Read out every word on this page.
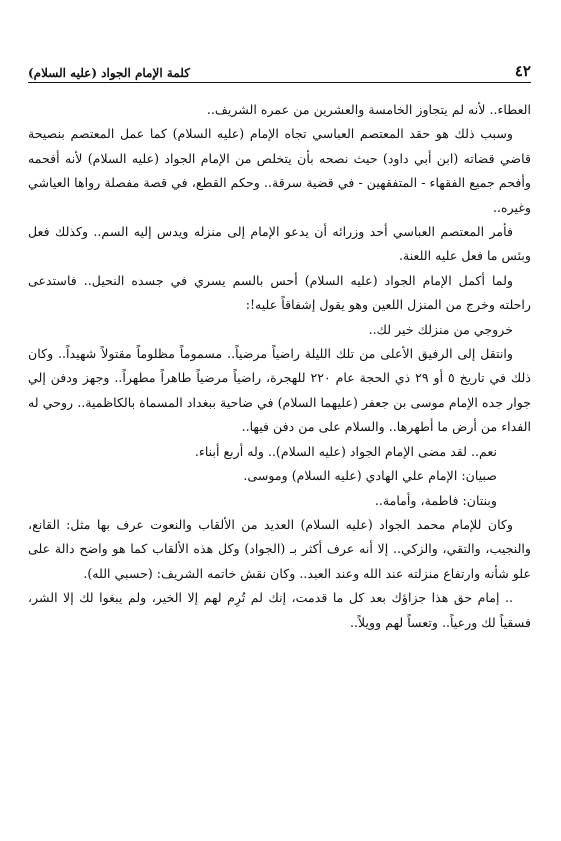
٤٢
كلمة الإمام الجواد (عليه السلام)

العطاء.. لأنه لم يتجاوز الخامسة والعشرين من عمره الشريف..

وسبب ذلك هو حقد المعتصم العباسي تجاه الإمام (عليه السلام) كما عمل المعتصم بنصيحة قاضي قضاته (ابن أبي داود) حيث نصحه بأن يتخلص من الإمام الجواد (عليه السلام) لأنه أفحمه وأفحم جميع الفقهاء - المتفقهين - في قضية سرقة.. وحكم القطع، في قصة مفصلة رواها العياشي وغيره..

فأمر المعتصم العباسي أحد وزرائه أن يدعو الإمام إلى منزله ويدس إليه السم.. وكذلك فعل وبئس ما فعل عليه اللعنة.

ولما أكمل الإمام الجواد (عليه السلام) أحس بالسم يسري في جسده النحيل.. فاستدعى راحلته وخرج من المنزل اللعين وهو يقول إشفاقاً عليه!:

خروجي من منزلك خير لك..

وانتقل إلى الرفيق الأعلى من تلك الليلة راضياً مرضياً.. مسموماً مظلوماً مقتولاً شهيداً.. وكان ذلك في تاريخ ٥ أو ٢٩ ذي الحجة عام ٢٢٠ للهجرة، راضياً مرضياً طاهراً مطهراً.. وجهز ودفن إلي جوار جده الإمام موسى بن جعفر (عليهما السلام) في ضاحية ببغداد المسماة بالكاظمية.. روحي له الفداء من أرض ما أطهرها.. والسلام على من دفن فيها..

نعم.. لقد مضى الإمام الجواد (عليه السلام).. وله أربع أبناء.

صبيان: الإمام علي الهادي (عليه السلام) وموسى.

وبنتان: فاطمة، وأمامة..

وكان للإمام محمد الجواد (عليه السلام) العديد من الألقاب والنعوت عرف بها مثل: القانع، والنجيب، والتقي، والزكي.. إلا أنه عرف أكثر بـ (الجواد) وكل هذه الألقاب كما هو واضح دالة على علو شأنه وارتفاع منزلته عند الله وعند العبد.. وكان نقش خاتمه الشريف: (حسبي الله).

.. إمام حق هذا جزاؤك بعد كل ما قدمت، إنك لم تُرِم لهم إلا الخير، ولم يبغوا لك إلا الشر، فسقياً لك ورعياً.. وتعساً لهم وويلاً..
